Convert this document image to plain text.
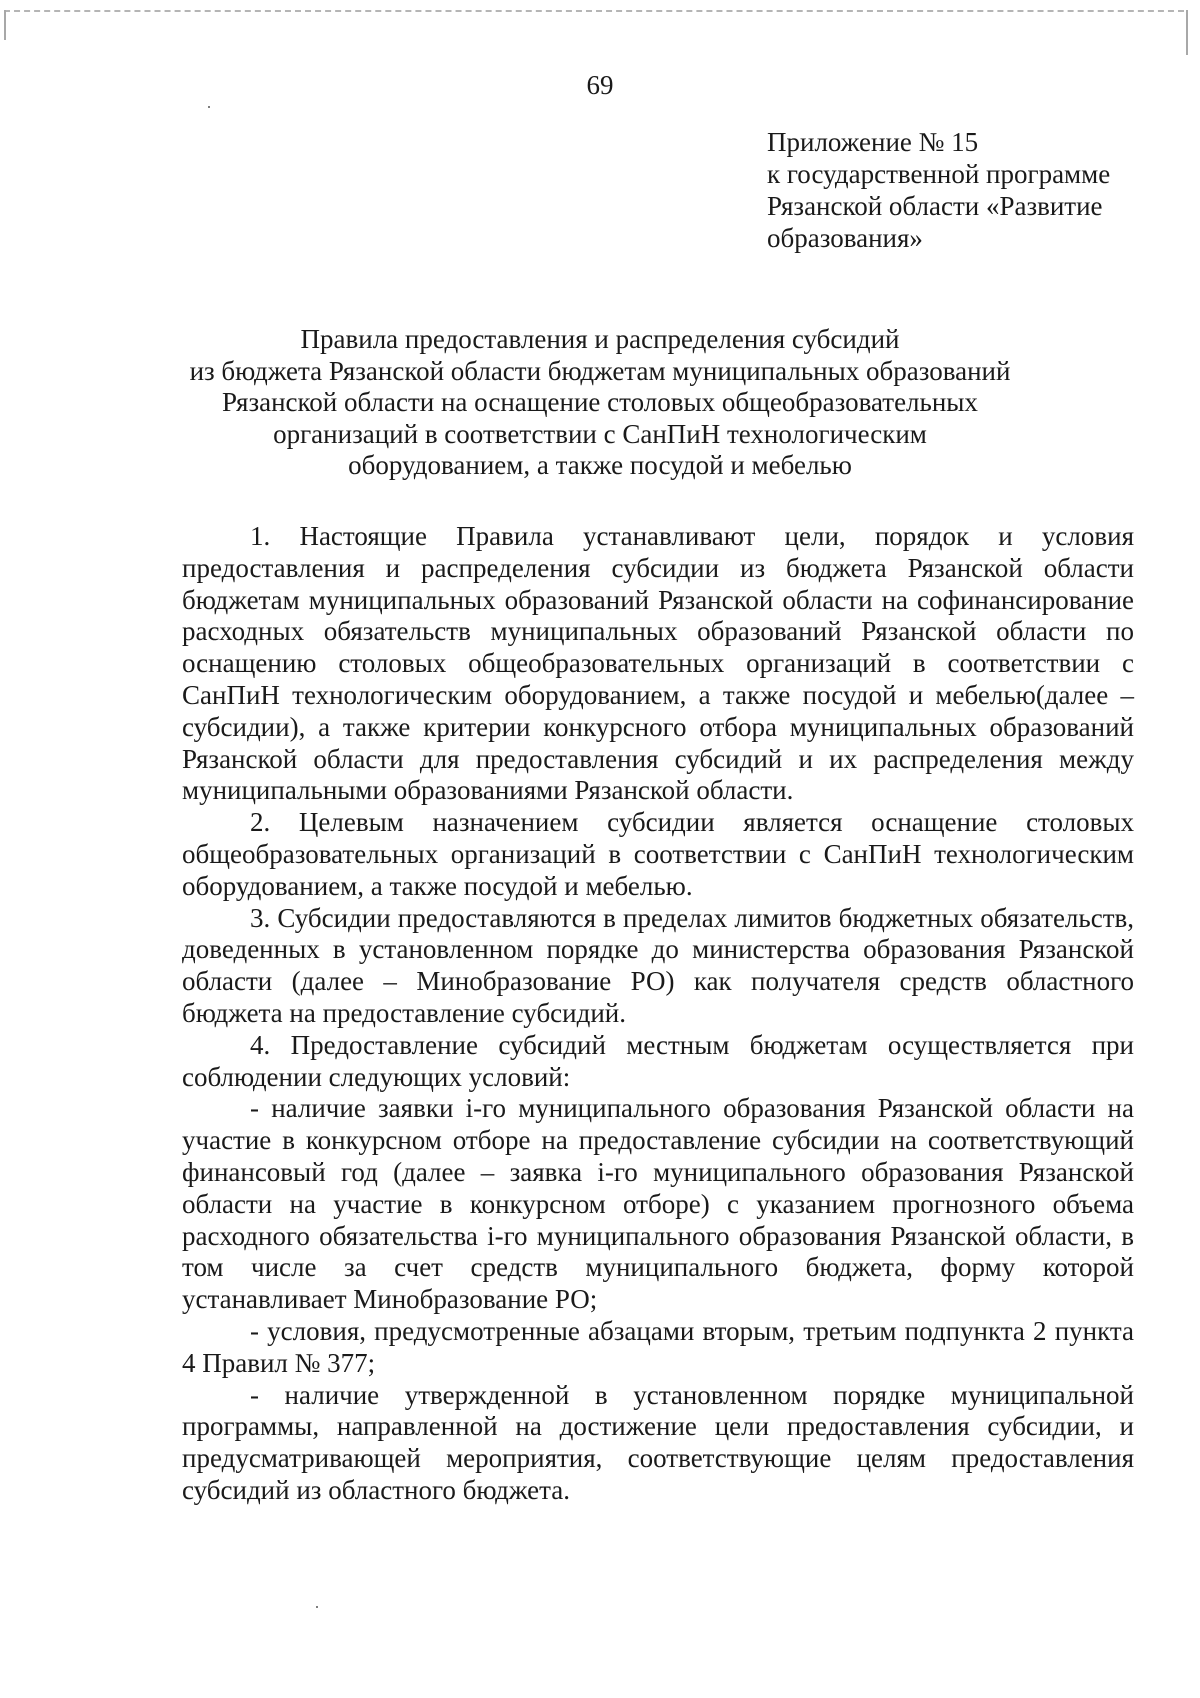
69
Приложение № 15
к государственной программе
Рязанской области «Развитие
образования»
Правила предоставления и распределения субсидий
из бюджета Рязанской области бюджетам муниципальных образований
Рязанской области на оснащение столовых общеобразовательных
организаций в соответствии с СанПиН технологическим
оборудованием, а также посудой и мебелью

1. Настоящие Правила устанавливают цели, порядок и условия предоставления и распределения субсидии из бюджета Рязанской области бюджетам муниципальных образований Рязанской области на софинансирование расходных обязательств муниципальных образований Рязанской области по оснащению столовых общеобразовательных организаций в соответствии с СанПиН технологическим оборудованием, а также посудой и мебелью(далее – субсидии), а также критерии конкурсного отбора муниципальных образований Рязанской области для предоставления субсидий и их распределения между муниципальными образованиями Рязанской области.

2. Целевым назначением субсидии является оснащение столовых общеобразовательных организаций в соответствии с СанПиН технологическим оборудованием, а также посудой и мебелью.

3. Субсидии предоставляются в пределах лимитов бюджетных обязательств, доведенных в установленном порядке до министерства образования Рязанской области (далее – Минобразование РО) как получателя средств областного бюджета на предоставление субсидий.

4. Предоставление субсидий местным бюджетам осуществляется при соблюдении следующих условий:

- наличие заявки i-го муниципального образования Рязанской области на участие в конкурсном отборе на предоставление субсидии на соответствующий финансовый год (далее – заявка i-го муниципального образования Рязанской области на участие в конкурсном отборе) с указанием прогнозного объема расходного обязательства i-го муниципального образования Рязанской области, в том числе за счет средств муниципального бюджета, форму которой устанавливает Минобразование РО;

- условия, предусмотренные абзацами вторым, третьим подпункта 2 пункта 4 Правил № 377;

- наличие утвержденной в установленном порядке муниципальной программы, направленной на достижение цели предоставления субсидии, и предусматривающей мероприятия, соответствующие целям предоставления субсидий из областного бюджета.
